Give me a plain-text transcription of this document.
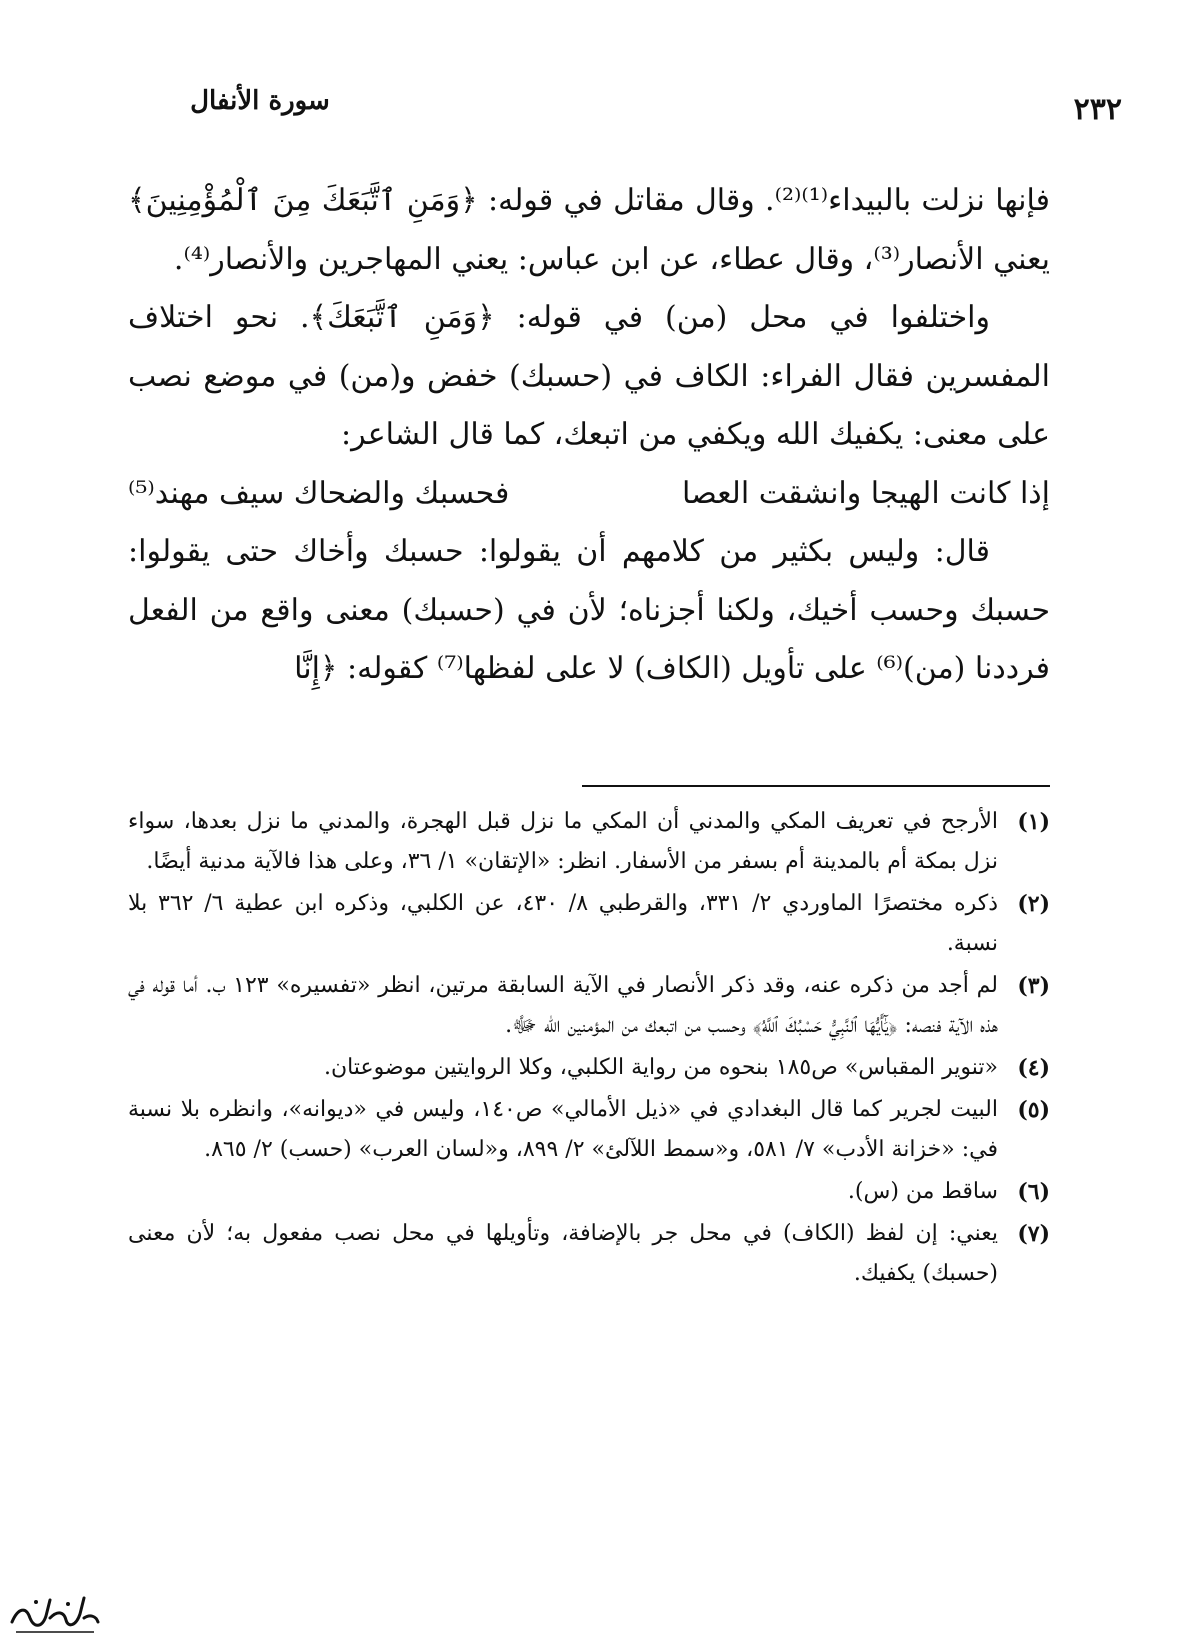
سورة الأنفال	٢٣٢

فإنها نزلت بالبيداء⁽¹⁾⁽²⁾. وقال مقاتل في قوله: ﴿وَمَنِ ٱتَّبَعَكَ مِنَ ٱلْمُؤْمِنِينَ﴾ يعني الأنصار⁽³⁾، وقال عطاء، عن ابن عباس: يعني المهاجرين والأنصار⁽⁴⁾.

واختلفوا في محل (من) في قوله: ﴿وَمَنِ ٱتَّبَعَكَ﴾. نحو اختلاف المفسرين فقال الفراء: الكاف في (حسبك) خفض و(من) في موضع نصب على معنى: يكفيك الله ويكفي من اتبعك، كما قال الشاعر:

إذا كانت الهيجا وانشقت العصا
فحسبك والضحاك سيف مهند⁽⁵⁾

قال: وليس بكثير من كلامهم أن يقولوا: حسبك وأخاك حتى يقولوا: حسبك وحسب أخيك، ولكنا أجزناه؛ لأن في (حسبك) معنى واقع من الفعل فرددنا (من)⁽⁶⁾ على تأويل (الكاف) لا على لفظها⁽⁷⁾ كقوله: ﴿إِنَّا

(١)
الأرجح في تعريف المكي والمدني أن المكي ما نزل قبل الهجرة، والمدني ما نزل بعدها، سواء نزل بمكة أم بالمدينة أم بسفر من الأسفار. انظر: «الإتقان» ١/ ٣٦، وعلى هذا فالآية مدنية أيضًا.
(٢)
ذكره مختصرًا الماوردي ٢/ ٣٣١، والقرطبي ٨/ ٤٣٠، عن الكلبي، وذكره ابن عطية ٦/ ٣٦٢ بلا نسبة.
(٣)
لم أجد من ذكره عنه، وقد ذكر الأنصار في الآية السابقة مرتين، انظر «تفسيره» ١٢٣ ب. أما قوله في هذه الآية فنصه: ﴿يَٰٓأَيُّهَا ٱلنَّبِيُّ حَسْبُكَ ٱللَّهُ﴾ وحسب من اتبعك من المؤمنين الله ﷻ.
(٤)
«تنوير المقباس» ص١٨٥ بنحوه من رواية الكلبي، وكلا الروايتين موضوعتان.
(٥)
البيت لجرير كما قال البغدادي في «ذيل الأمالي» ص١٤٠، وليس في «ديوانه»، وانظره بلا نسبة في: «خزانة الأدب» ٧/ ٥٨١، و«سمط اللآلئ» ٢/ ٨٩٩، و«لسان العرب» (حسب) ٢/ ٨٦٥.
(٦)
ساقط من (س).
(٧)
يعني: إن لفظ (الكاف) في محل جر بالإضافة، وتأويلها في محل نصب مفعول به؛ لأن معنى (حسبك) يكفيك.
